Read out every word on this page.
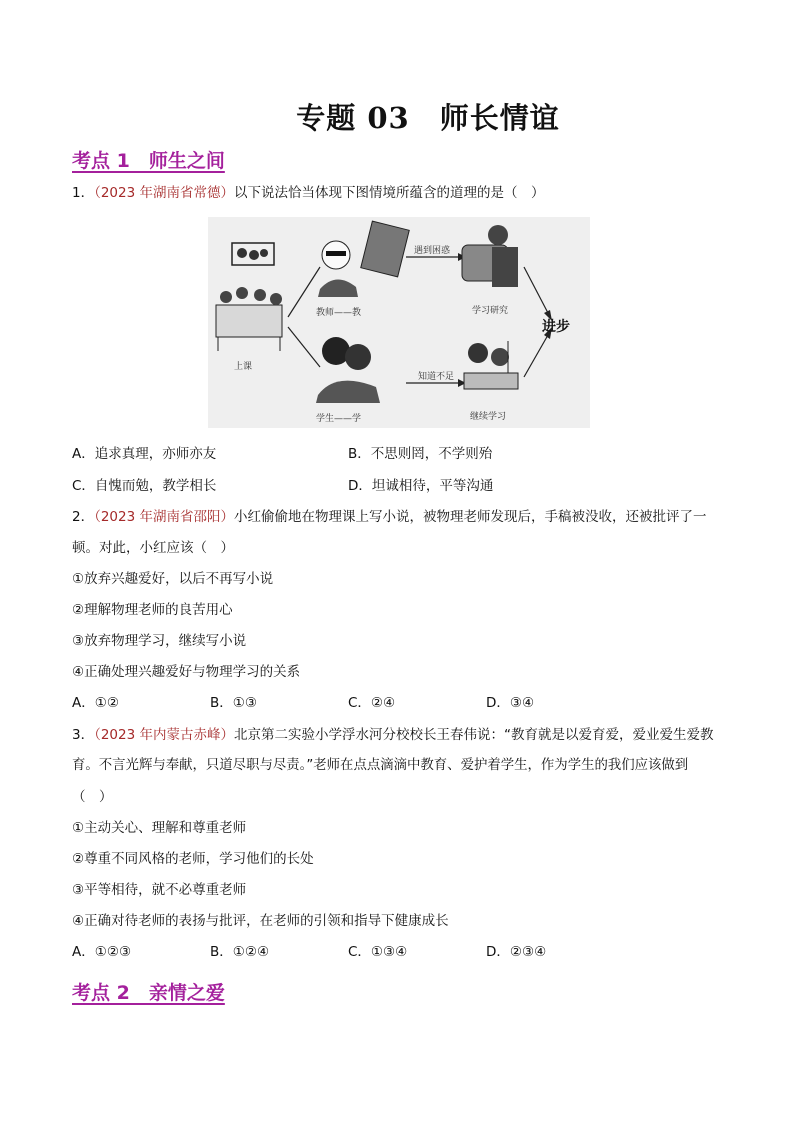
专题 03　师长情谊
考点 1　师生之间
1．（2023 年湖南省常德）以下说法恰当体现下图情境所蕴含的道理的是（　）
上课
教师——教
学生——学
遇到困惑
知道不足
学习研究
继续学习
进步
A．追求真理，亦师亦友	B．不思则罔，不学则殆
C．自愧而勉，教学相长	D．坦诚相待，平等沟通
2．（2023 年湖南省邵阳）小红偷偷地在物理课上写小说，被物理老师发现后，手稿被没收，还被批评了一
顿。对此，小红应该（　）
①放弃兴趣爱好，以后不再写小说
②理解物理老师的良苦用心
③放弃物理学习，继续写小说
④正确处理兴趣爱好与物理学习的关系
A．①②	B．①③	C．②④	D．③④
3．（2023 年内蒙古赤峰）北京第二实验小学浮水河分校校长王春伟说：“教育就是以爱育爱，爱业爱生爱教
育。不言光辉与奉献，只道尽职与尽责。”老师在点点滴滴中教育、爱护着学生，作为学生的我们应该做到
（　）
①主动关心、理解和尊重老师
②尊重不同风格的老师，学习他们的长处
③平等相待，就不必尊重老师
④正确对待老师的表扬与批评，在老师的引领和指导下健康成长
A．①②③	B．①②④	C．①③④	D．②③④
考点 2　亲情之爱
